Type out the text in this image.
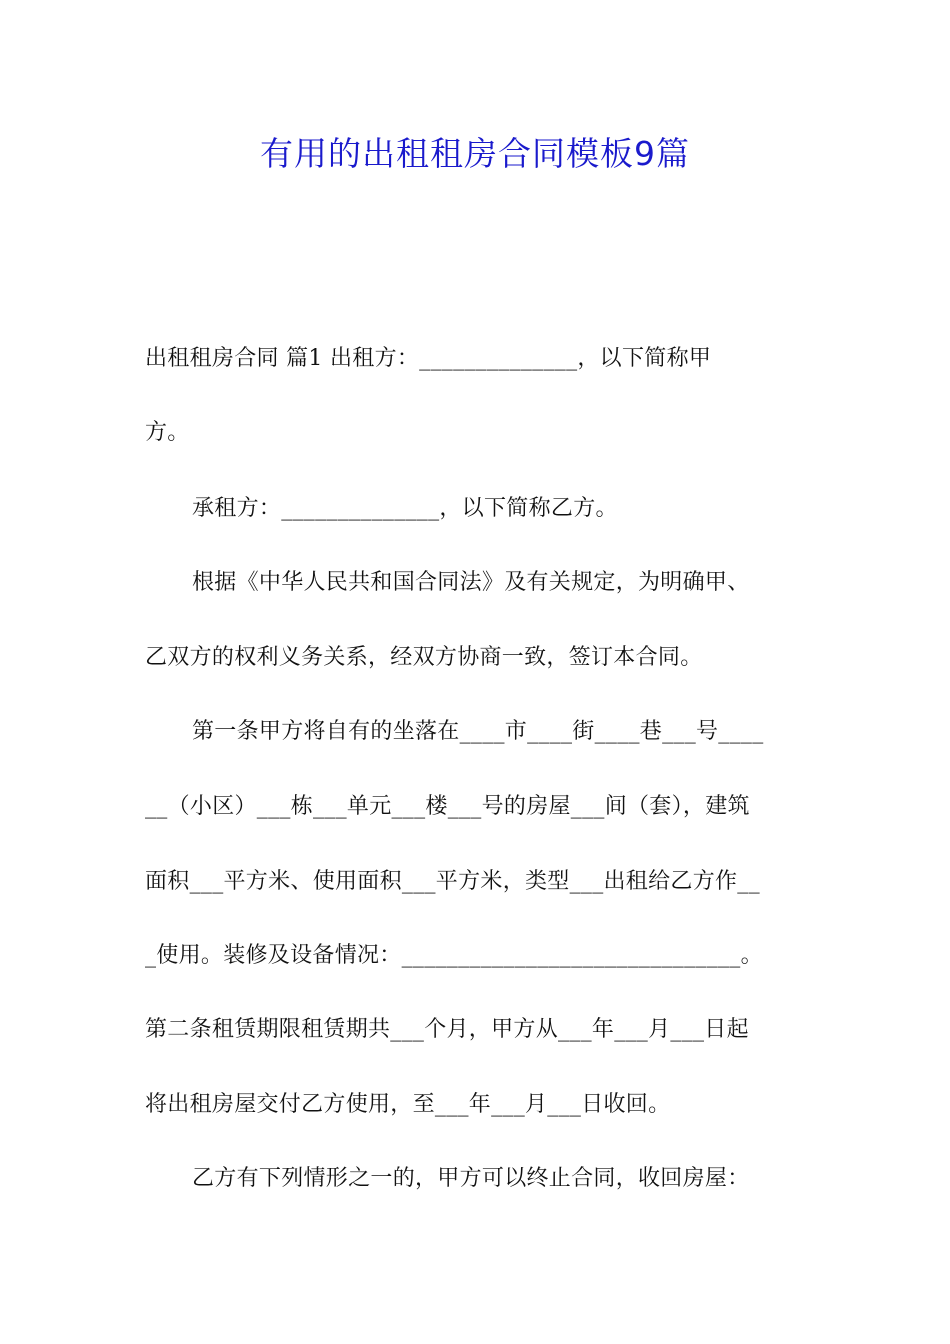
有用的出租租房合同模板9篇
出租租房合同 篇1 出租方：______________，以下简称甲
方。
承租方：______________，以下简称乙方。
根据《中华人民共和国合同法》及有关规定，为明确甲、
乙双方的权利义务关系，经双方协商一致，签订本合同。
第一条甲方将自有的坐落在____市____街____巷___号____
__（小区）___栋___单元___楼___号的房屋___间（套），建筑
面积___平方米、使用面积___平方米，类型___出租给乙方作__
_使用。装修及设备情况：______________________________。
第二条租赁期限租赁期共___个月，甲方从___年___月___日起
将出租房屋交付乙方使用，至___年___月___日收回。
乙方有下列情形之一的，甲方可以终止合同，收回房屋：
